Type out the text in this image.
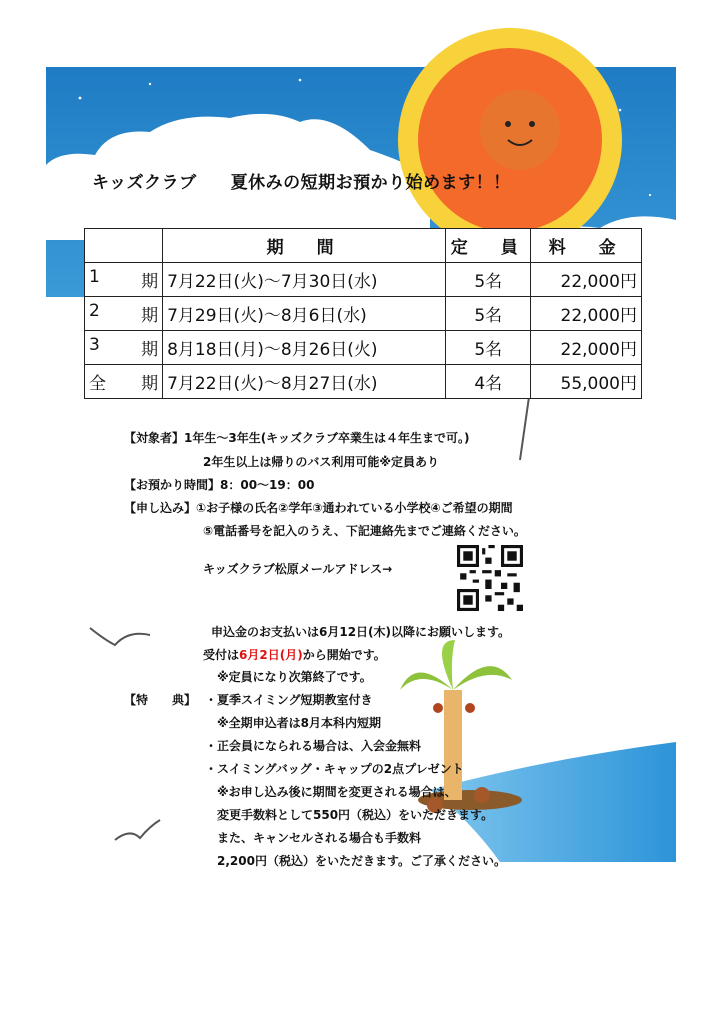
キッズクラブ 夏休みの短期お預かり始めます！！
	期　間	定　員	料　金

1 期	7月22日(火)～7月30日(水)	5名	22,000円

2 期	7月29日(火)～8月6日(水)	5名	22,000円

3 期	8月18日(月)～8月26日(火)	5名	22,000円

全 期	7月22日(火)～8月27日(水)	4名	55,000円
【対象者】1年生～3年生(キッズクラブ卒業生は４年生まで可。)
2年生以上は帰りのバス利用可能※定員あり
【お預かり時間】8：00～19：00
【申し込み】①お子様の氏名②学年③通われている小学校④ご希望の期間
⑤電話番号を記入のうえ、下記連絡先までご連絡ください。
キッズクラブ松原メールアドレス→
申込金のお支払いは6月12日(木)以降にお願いします。
受付は6月2日(月)から開始です。
※定員になり次第終了です。
【特　　典】 ・夏季スイミング短期教室付き
※全期申込者は8月本科内短期
・正会員になられる場合は、入会金無料
・スイミングバッグ・キャップの2点プレゼント
※お申し込み後に期間を変更される場合は、
変更手数料として550円（税込）をいただきます。
また、キャンセルされる場合も手数料
2,200円（税込）をいただきます。ご了承ください。
